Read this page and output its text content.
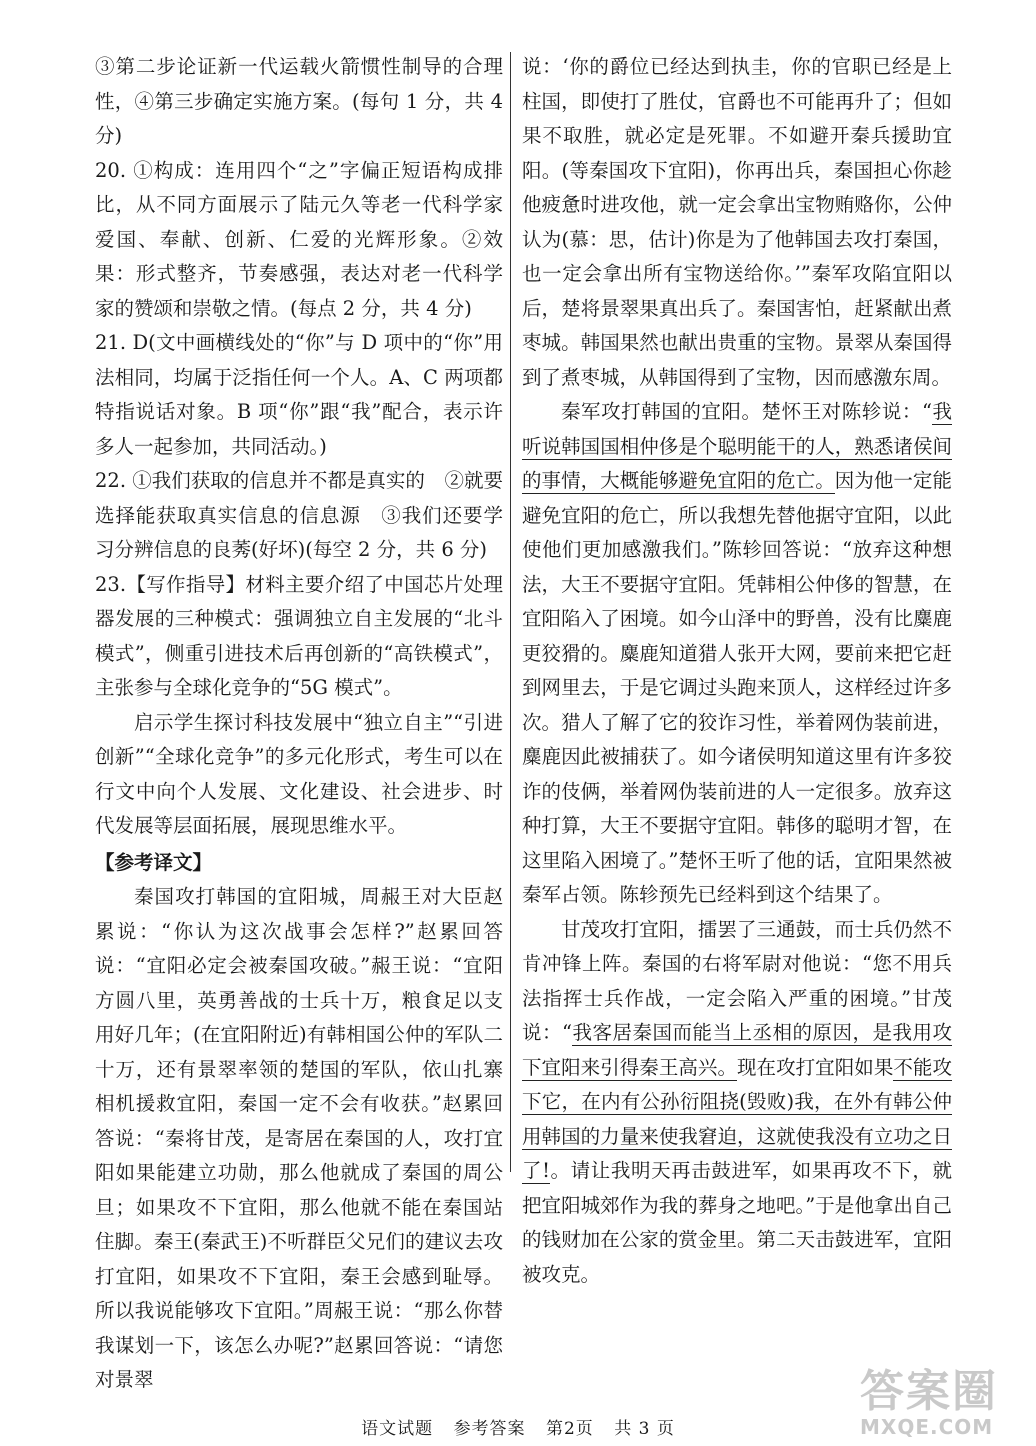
③第二步论证新一代运载火箭惯性制导的合理性，④第三步确定实施方案。(每句 1 分，共 4 分)

20. ①构成：连用四个“之”字偏正短语构成排比，从不同方面展示了陆元久等老一代科学家爱国、奉献、创新、仁爱的光辉形象。②效果：形式整齐，节奏感强，表达对老一代科学家的赞颂和崇敬之情。(每点 2 分，共 4 分)

21. D(文中画横线处的“你”与 D 项中的“你”用法相同，均属于泛指任何一个人。A、C 两项都特指说话对象。B 项“你”跟“我”配合，表示许多人一起参加，共同活动。)

22. ①我们获取的信息并不都是真实的　②就要选择能获取真实信息的信息源　③我们还要学习分辨信息的良莠(好坏)(每空 2 分，共 6 分)

23.【写作指导】材料主要介绍了中国芯片处理器发展的三种模式：强调独立自主发展的“北斗模式”，侧重引进技术后再创新的“高铁模式”，主张参与全球化竞争的“5G 模式”。

启示学生探讨科技发展中“独立自主”“引进创新”“全球化竞争”的多元化形式，考生可以在行文中向个人发展、文化建设、社会进步、时代发展等层面拓展，展现思维水平。

【参考译文】

秦国攻打韩国的宜阳城，周赧王对大臣赵累说：“你认为这次战事会怎样?”赵累回答说：“宜阳必定会被秦国攻破。”赧王说：“宜阳方圆八里，英勇善战的士兵十万，粮食足以支用好几年；(在宜阳附近)有韩相国公仲的军队二十万，还有景翠率领的楚国的军队，依山扎寨相机援救宜阳，秦国一定不会有收获。”赵累回答说：“秦将甘茂，是寄居在秦国的人，攻打宜阳如果能建立功勋，那么他就成了秦国的周公旦；如果攻不下宜阳，那么他就不能在秦国站住脚。秦王(秦武王)不听群臣父兄们的建议去攻打宜阳，如果攻不下宜阳，秦王会感到耻辱。所以我说能够攻下宜阳。”周赧王说：“那么你替我谋划一下，该怎么办呢?”赵累回答说：“请您对景翠

说：‘你的爵位已经达到执圭，你的官职已经是上柱国，即使打了胜仗，官爵也不可能再升了；但如果不取胜，就必定是死罪。不如避开秦兵援助宜阳。(等秦国攻下宜阳)，你再出兵，秦国担心你趁他疲惫时进攻他，就一定会拿出宝物贿赂你，公仲认为(慕：思，估计)你是为了他韩国去攻打秦国，也一定会拿出所有宝物送给你。’”秦军攻陷宜阳以后，楚将景翠果真出兵了。秦国害怕，赶紧献出煮枣城。韩国果然也献出贵重的宝物。景翠从秦国得到了煮枣城，从韩国得到了宝物，因而感激东周。

秦军攻打韩国的宜阳。楚怀王对陈轸说：“我听说韩国国相仲侈是个聪明能干的人，熟悉诸侯间的事情，大概能够避免宜阳的危亡。因为他一定能避免宜阳的危亡，所以我想先替他据守宜阳，以此使他们更加感激我们。”陈轸回答说：“放弃这种想法，大王不要据守宜阳。凭韩相公仲侈的智慧，在宜阳陷入了困境。如今山泽中的野兽，没有比麋鹿更狡猾的。麋鹿知道猎人张开大网，要前来把它赶到网里去，于是它调过头跑来顶人，这样经过许多次。猎人了解了它的狡诈习性，举着网伪装前进，麋鹿因此被捕获了。如今诸侯明知道这里有许多狡诈的伎俩，举着网伪装前进的人一定很多。放弃这种打算，大王不要据守宜阳。韩侈的聪明才智，在这里陷入困境了。”楚怀王听了他的话，宜阳果然被秦军占领。陈轸预先已经料到这个结果了。

甘茂攻打宜阳，擂罢了三通鼓，而士兵仍然不肯冲锋上阵。秦国的右将军尉对他说：“您不用兵法指挥士兵作战，一定会陷入严重的困境。”甘茂说：“我客居秦国而能当上丞相的原因，是我用攻下宜阳来引得秦王高兴。现在攻打宜阳如果不能攻下它，在内有公孙衍阻挠(毁败)我，在外有韩公仲用韩国的力量来使我窘迫，这就使我没有立功之日了!。请让我明天再击鼓进军，如果再攻不下，就把宜阳城郊作为我的葬身之地吧。”于是他拿出自己的钱财加在公家的赏金里。第二天击鼓进军，宜阳被攻克。

语文试题 参考答案 第2页 共 3 页
答案圈
MXQE.COM
